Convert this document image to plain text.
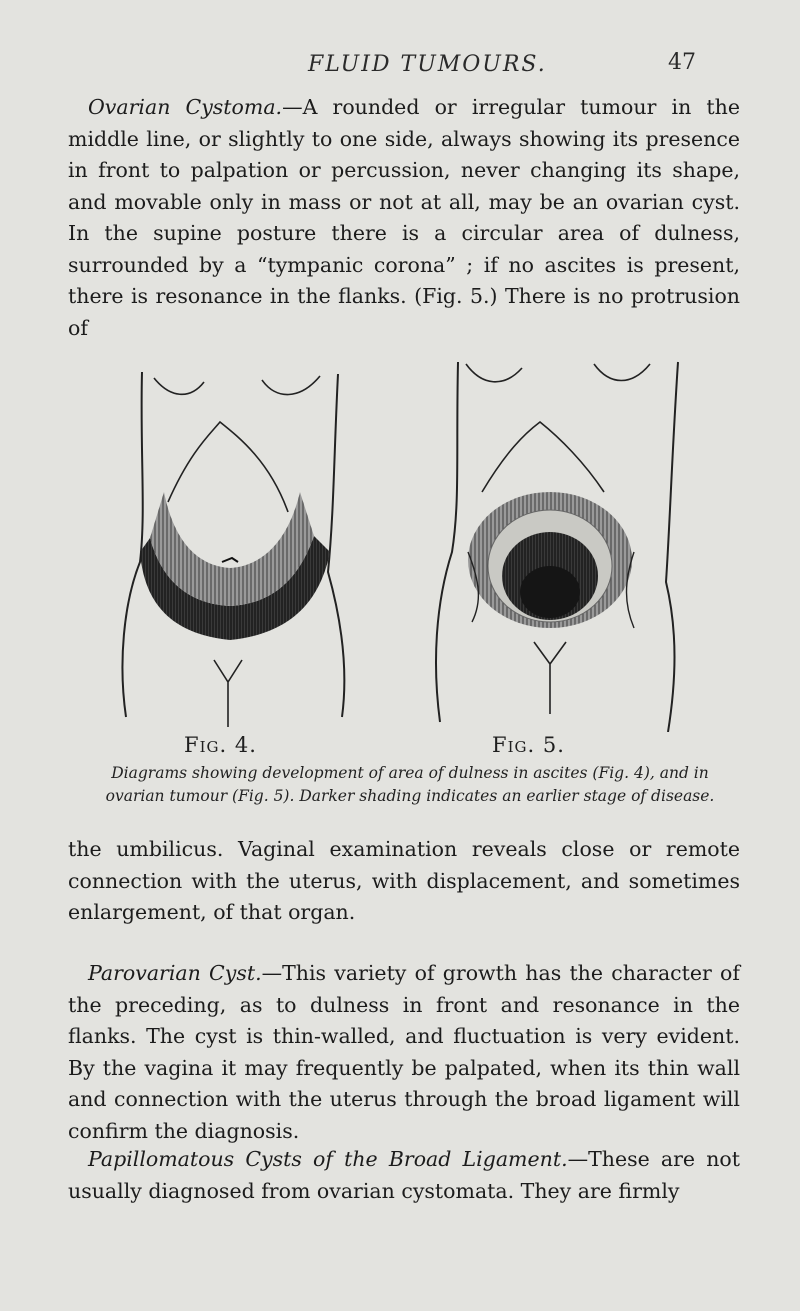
FLUID TUMOURS.	47

Ovarian Cystoma.—A rounded or irregular tumour in the middle line, or slightly to one side, always showing its presence in front to palpation or percussion, never changing its shape, and movable only in mass or not at all, may be an ovarian cyst. In the supine posture there is a circular area of dulness, surrounded by a “tympanic corona” ; if no ascites is present, there is resonance in the flanks. (Fig. 5.) There is no protrusion of

Fig. 4.	Fig. 5.

Diagrams showing development of area of dulness in ascites (Fig. 4), and in ovarian tumour (Fig. 5). Darker shading indicates an earlier stage of disease.

the umbilicus. Vaginal examination reveals close or remote connection with the uterus, with displacement, and sometimes enlargement, of that organ.

Parovarian Cyst.—This variety of growth has the character of the preceding, as to dulness in front and resonance in the flanks. The cyst is thin-walled, and fluctuation is very evident. By the vagina it may frequently be palpated, when its thin wall and connection with the uterus through the broad ligament will confirm the diagnosis.

Papillomatous Cysts of the Broad Ligament.—These are not usually diagnosed from ovarian cystomata. They are firmly
